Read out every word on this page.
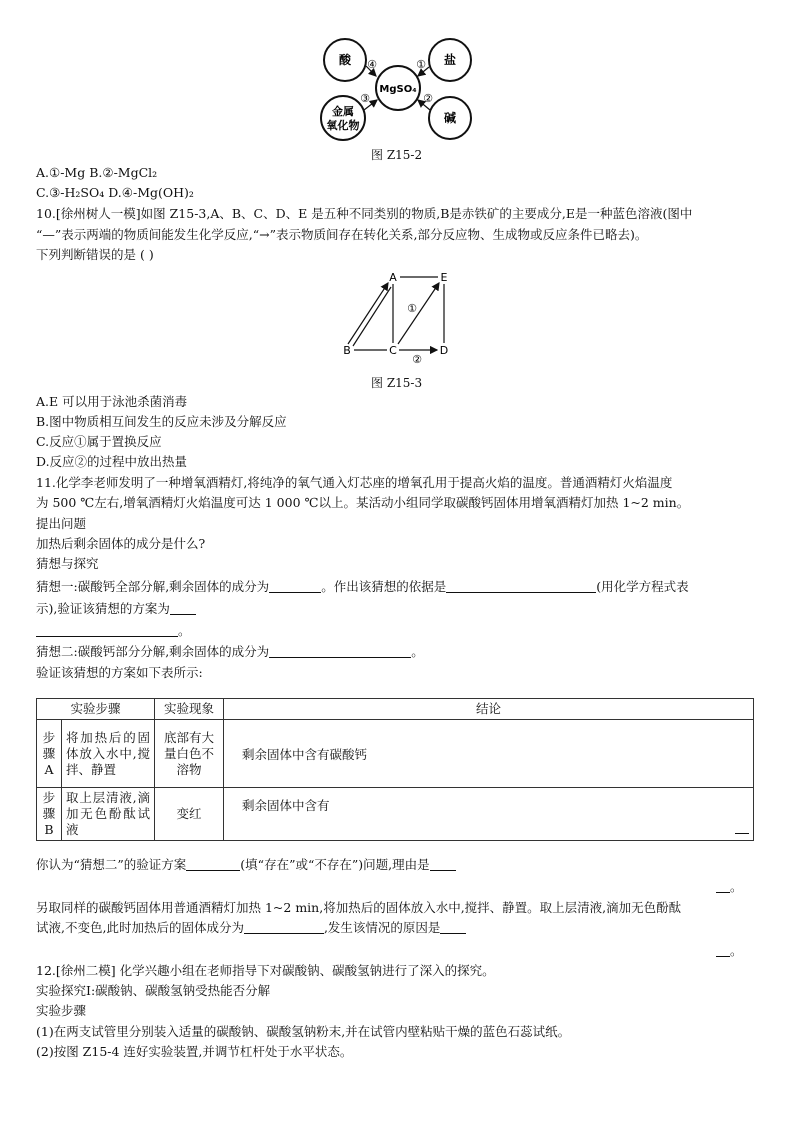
酸	盐
MgSO₄
金属
氧化物
碱
④	①
③	②
图 Z15-2
A.①-Mg B.②-MgCl₂
C.③-H₂SO₄ D.④-Mg(OH)₂
10.[徐州树人一模]如图 Z15-3,A、B、C、D、E 是五种不同类别的物质,B是赤铁矿的主要成分,E是一种蓝色溶液(图中
“—”表示两端的物质间能发生化学反应,“→”表示物质间存在转化关系,部分反应物、生成物或反应条件已略去)。
下列判断错误的是 ( )
A	E
B	C	D
①
②
图 Z15-3
A.E 可以用于泳池杀菌消毒
B.图中物质相互间发生的反应未涉及分解反应
C.反应①属于置换反应
D.反应②的过程中放出热量
11.化学李老师发明了一种增氧酒精灯,将纯净的氧气通入灯芯座的增氧孔用于提高火焰的温度。普通酒精灯火焰温度
为 500 ℃左右,增氧酒精灯火焰温度可达 1 000 ℃以上。某活动小组同学取碳酸钙固体用增氧酒精灯加热 1~2 min。
提出问题
加热后剩余固体的成分是什么?
猜想与探究
猜想一:碳酸钙全部分解,剩余固体的成分为	。作出该猜想的依据是	(用化学方程式表
示),验证该猜想的方案为
。
猜想二:碳酸钙部分分解,剩余固体的成分为	。
验证该猜想的方案如下表所示:
实验步骤		实验现象	结论
步骤A	将加热后的固体放入水中,搅拌、静置	底部有大量白色不溶物	剩余固体中含有碳酸钙
步骤B	取上层清液,滴加无色酚酞试液	变红	剩余固体中含有
你认为“猜想二”的验证方案	(填“存在”或“不存在”)问题,理由是
。
另取同样的碳酸钙固体用普通酒精灯加热 1~2 min,将加热后的固体放入水中,搅拌、静置。取上层清液,滴加无色酚酞
试液,不变色,此时加热后的固体成分为	,发生该情况的原因是
。
12.[徐州二模] 化学兴趣小组在老师指导下对碳酸钠、碳酸氢钠进行了深入的探究。
实验探究Ⅰ:碳酸钠、碳酸氢钠受热能否分解
实验步骤
(1)在两支试管里分别装入适量的碳酸钠、碳酸氢钠粉末,并在试管内壁粘贴干燥的蓝色石蕊试纸。
(2)按图 Z15-4 连好实验装置,并调节杠杆处于水平状态。
